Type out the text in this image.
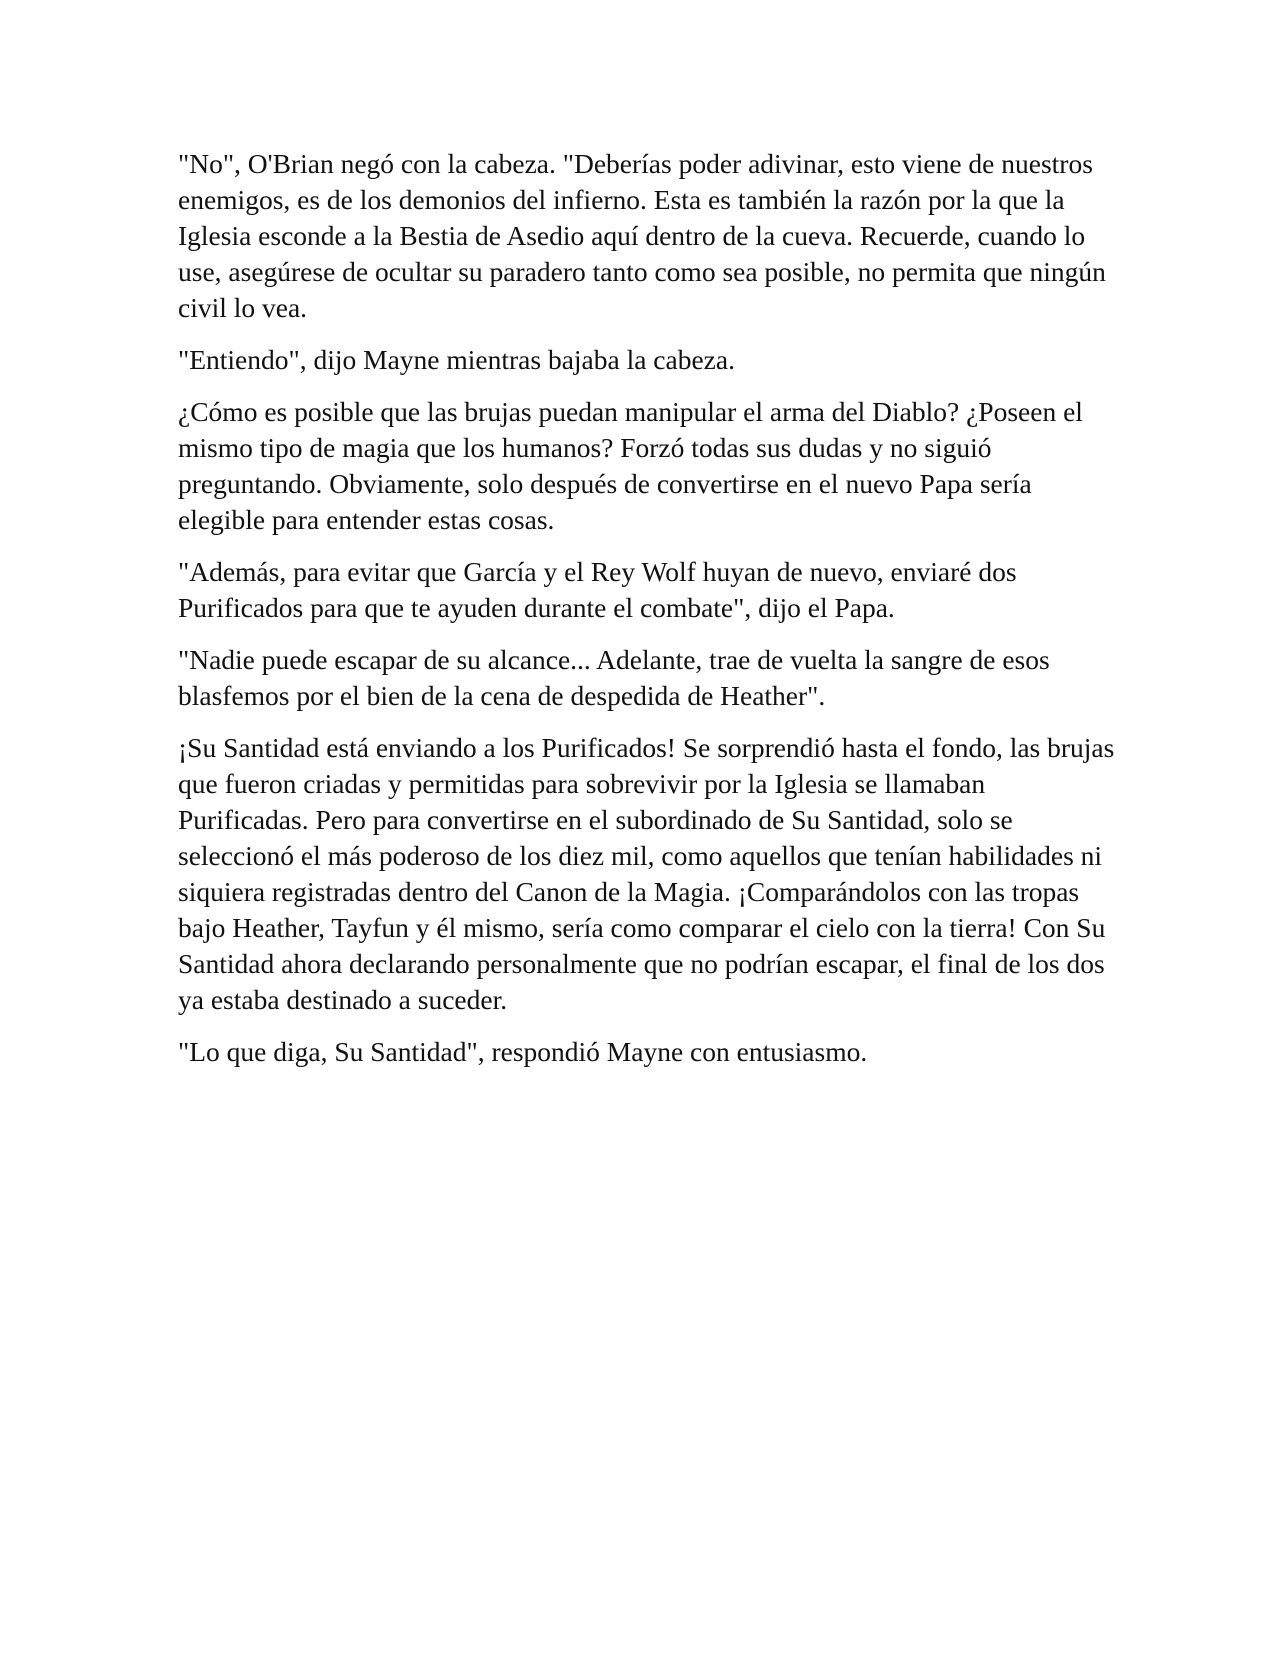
"No", O'Brian negó con la cabeza. "Deberías poder adivinar, esto viene de nuestros enemigos, es de los demonios del infierno. Esta es también la razón por la que la Iglesia esconde a la Bestia de Asedio aquí dentro de la cueva. Recuerde, cuando lo use, asegúrese de ocultar su paradero tanto como sea posible, no permita que ningún civil lo vea.

"Entiendo", dijo Mayne mientras bajaba la cabeza.

¿Cómo es posible que las brujas puedan manipular el arma del Diablo? ¿Poseen el mismo tipo de magia que los humanos? Forzó todas sus dudas y no siguió preguntando. Obviamente, solo después de convertirse en el nuevo Papa sería elegible para entender estas cosas.

"Además, para evitar que García y el Rey Wolf huyan de nuevo, enviaré dos Purificados para que te ayuden durante el combate", dijo el Papa.

"Nadie puede escapar de su alcance... Adelante, trae de vuelta la sangre de esos blasfemos por el bien de la cena de despedida de Heather".

¡Su Santidad está enviando a los Purificados! Se sorprendió hasta el fondo, las brujas que fueron criadas y permitidas para sobrevivir por la Iglesia se llamaban Purificadas. Pero para convertirse en el subordinado de Su Santidad, solo se seleccionó el más poderoso de los diez mil, como aquellos que tenían habilidades ni siquiera registradas dentro del Canon de la Magia. ¡Comparándolos con las tropas bajo Heather, Tayfun y él mismo, sería como comparar el cielo con la tierra! Con Su Santidad ahora declarando personalmente que no podrían escapar, el final de los dos ya estaba destinado a suceder.

"Lo que diga, Su Santidad", respondió Mayne con entusiasmo.
